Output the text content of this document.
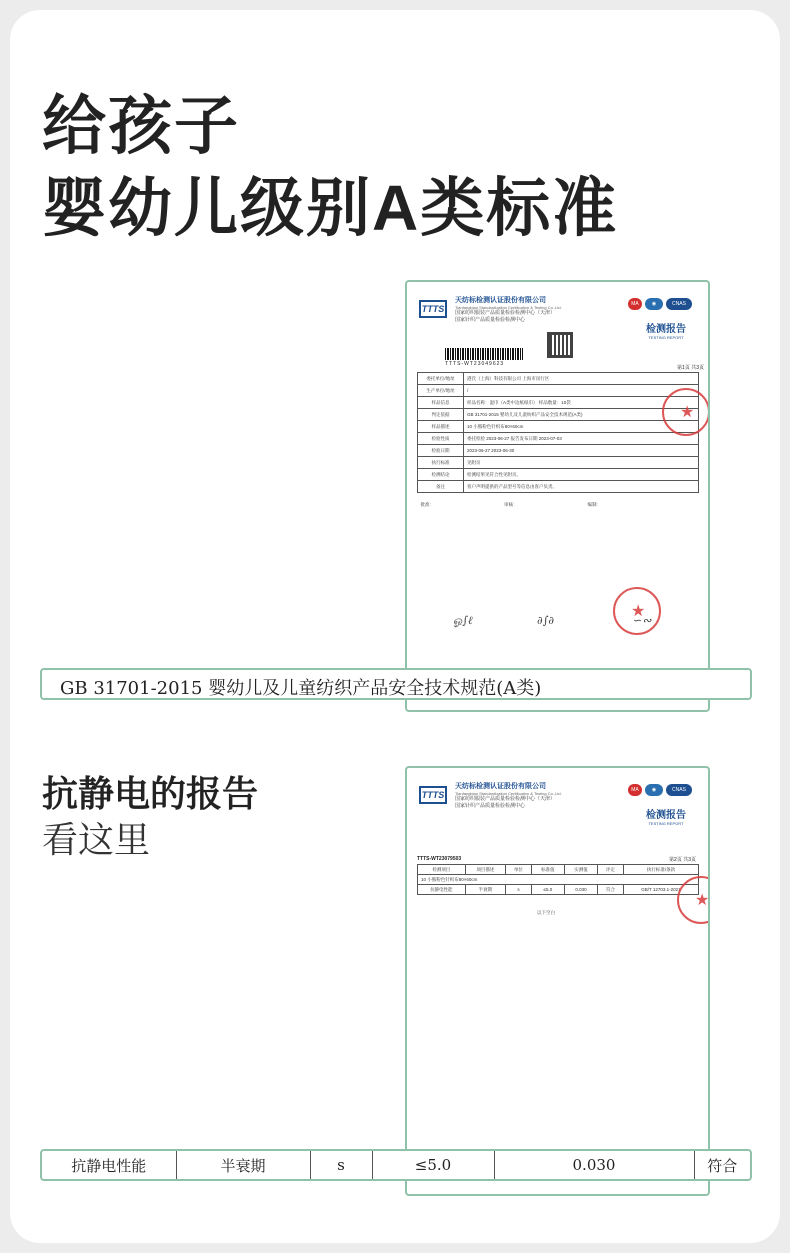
给孩子
婴幼儿级别A类标准
TTTS
天纺标检测认证股份有限公司
Tianfangbiao Standardization Certification & Testing Co.,Ltd.
国家纺织服装产品质量检验检测中心（天津）
国家针织产品质量检验检测中心
MA	◉	CNAS
检测报告
TESTING REPORT
TTTS-WT23049623
第1页 共3页
委托单位/地址	港氏（上海）科技有限公司 上海市闵行区
生产单位/地址	/
样品信息	样品名称：湿巾（A类中边纸纸巾） 样品数量：10袋
判定依据	GB 31701-2015 婴幼儿及儿童纺织产品安全技术规范(A类)
样品描述	10 小熊粉色针织布80×60cm
检验性质	委托检验 2023-06-27 报告发布日期 2023-07-03
检验日期	2023-06-27 2023-06-30
执行标准	见附页
检测结论	检测结果见符合性见附页。
备注	客户声明提供的产品型号等信息由客户负责。
批准： 审核： 编制：	
★
★
ஓ∫ℓ	∂∫∂	∽∾
GB 31701-2015 婴幼儿及儿童纺织产品安全技术规范(A类)
抗静电的报告
看这里
TTTS
天纺标检测认证股份有限公司
Tianfangbiao Standardization Certification & Testing Co.,Ltd.
国家纺织服装产品质量检验检测中心（天津）
国家针织产品质量检验检测中心
MA	◉	CNAS
检测报告
TESTING REPORT
TTTS-WT23079503	第2页 共3页
检测项目	项目描述	单位	标准值	实测值	评定	执行标准/条款
10 小熊粉色针织布80×60cm						
抗静电性能	半衰期	s	≤5.0	0.030	符合	GB/T 12703.1-2021
以下空白
★
抗静电性能	半衰期	s	≤5.0	0.030	符合
